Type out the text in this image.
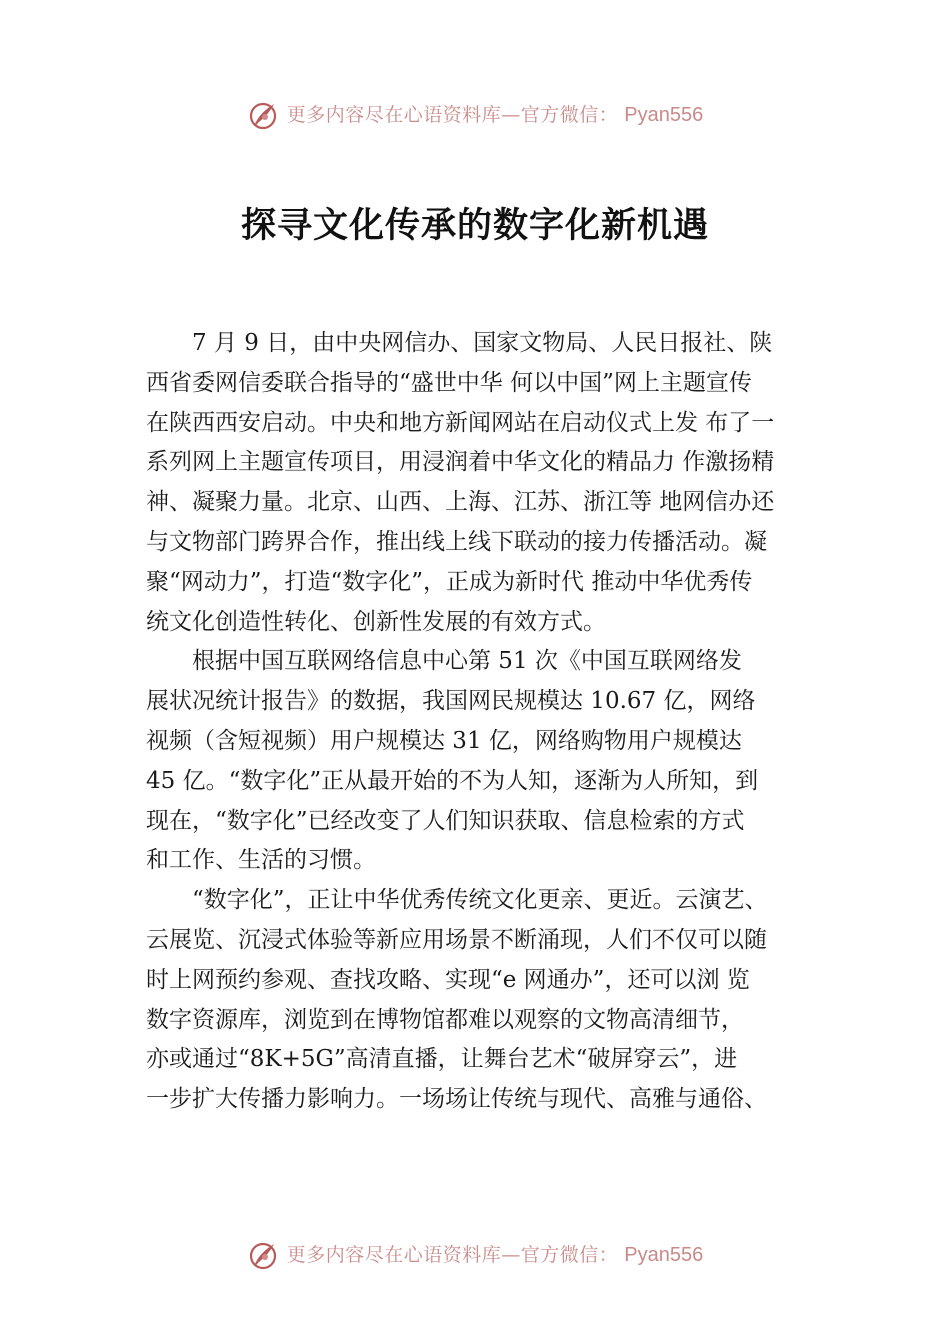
更多内容尽在心语资料库—官方微信： Pyan556
探寻文化传承的数字化新机遇

　　7 月 9 日，由中央网信办、国家文物局、人民日报社、陕
西省委网信委联合指导的“盛世中华 何以中国”网上主题宣传
在陕西西安启动。中央和地方新闻网站在启动仪式上发 布了一
系列网上主题宣传项目，用浸润着中华文化的精品力 作激扬精
神、凝聚力量。北京、山西、上海、江苏、浙江等 地网信办还
与文物部门跨界合作，推出线上线下联动的接力传播活动。凝
聚“网动力”，打造“数字化”，正成为新时代 推动中华优秀传
统文化创造性转化、创新性发展的有效方式。

　　根据中国互联网络信息中心第 51 次《中国互联网络发
展状况统计报告》的数据，我国网民规模达 10.67 亿，网络
视频（含短视频）用户规模达 31 亿，网络购物用户规模达
45 亿。“数字化”正从最开始的不为人知，逐渐为人所知，到
现在，“数字化”已经改变了人们知识获取、信息检索的方式
和工作、生活的习惯。

　　“数字化”，正让中华优秀传统文化更亲、更近。云演艺、
云展览、沉浸式体验等新应用场景不断涌现，人们不仅可以随
时上网预约参观、查找攻略、实现“e 网通办”，还可以浏 览
数字资源库，浏览到在博物馆都难以观察的文物高清细节，
亦或通过“8K+5G”高清直播，让舞台艺术“破屏穿云”，进
一步扩大传播力影响力。一场场让传统与现代、高雅与通俗、

更多内容尽在心语资料库—官方微信： Pyan556
